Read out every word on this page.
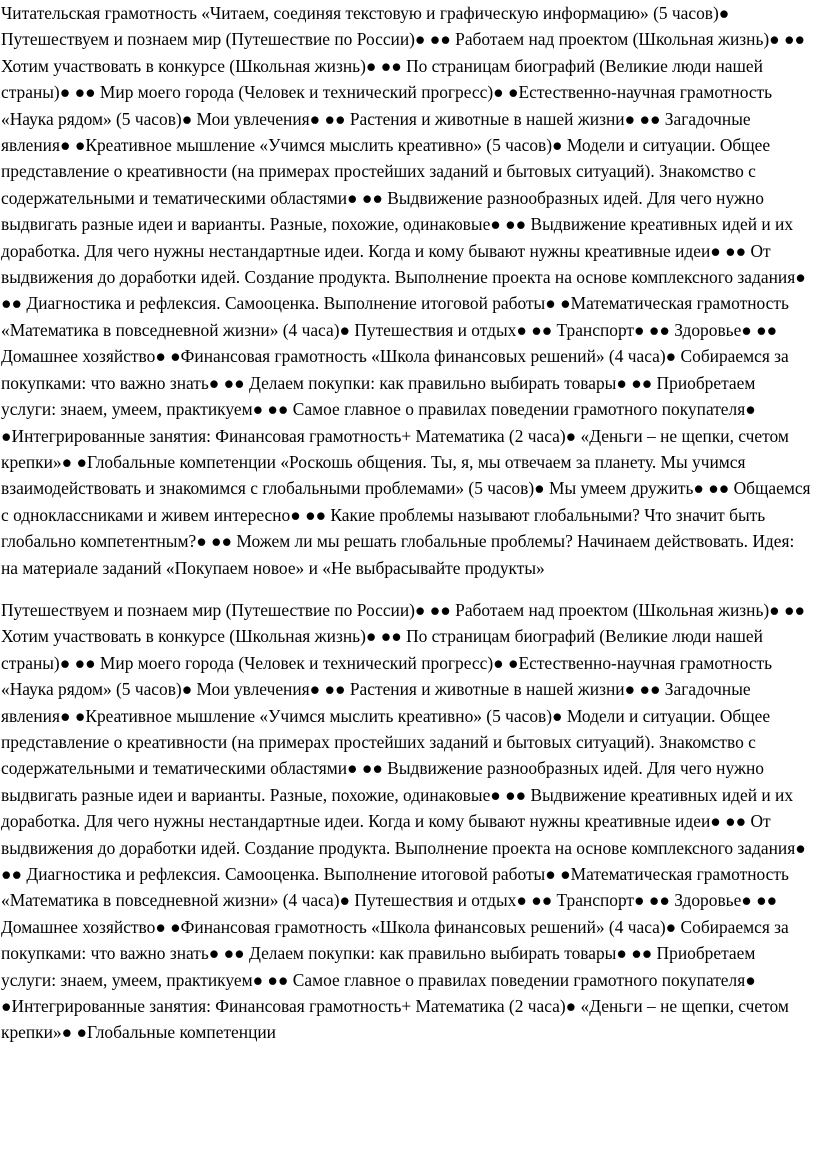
Читательская грамотность «Читаем, соединяя текстовую и графическую информацию» (5 часов)● Путешествуем и познаем мир (Путешествие по России)● ●● Работаем над проектом (Школьная жизнь)● ●● Хотим участвовать в конкурсе (Школьная жизнь)● ●● По страницам биографий (Великие люди нашей страны)● ●● Мир моего города (Человек и технический прогресс)● ●Естественно-научная грамотность «Наука рядом» (5 часов)● Мои увлечения● ●● Растения и животные в нашей жизни● ●● Загадочные явления● ●Креативное мышление «Учимся мыслить креативно» (5 часов)● Модели и ситуации. Общее представление о креативности (на примерах простейших заданий и бытовых ситуаций). Знакомство с содержательными и тематическими областями● ●● Выдвижение разнообразных идей. Для чего нужно выдвигать разные идеи и варианты. Разные, похожие, одинаковые● ●● Выдвижение креативных идей и их доработка. Для чего нужны нестандартные идеи. Когда и кому бывают нужны креативные идеи● ●● От выдвижения до доработки идей. Создание продукта. Выполнение проекта на основе комплексного задания● ●● Диагностика и рефлексия. Самооценка. Выполнение итоговой работы● ●Математическая грамотность «Математика в повседневной жизни» (4 часа)● Путешествия и отдых● ●● Транспорт● ●● Здоровье● ●● Домашнее хозяйство● ●Финансовая грамотность «Школа финансовых решений» (4 часа)● Собираемся за покупками: что важно знать● ●● Делаем покупки: как правильно выбирать товары● ●● Приобретаем услуги: знаем, умеем, практикуем● ●● Самое главное о правилах поведении грамотного покупателя● ●Интегрированные занятия: Финансовая грамотность+ Математика (2 часа)● «Деньги – не щепки, счетом крепки»● ●Глобальные компетенции «Роскошь общения. Ты, я, мы отвечаем за планету. Мы учимся взаимодействовать и знакомимся с глобальными проблемами» (5 часов)● Мы умеем дружить● ●● Общаемся с одноклассниками и живем интересно● ●● Какие проблемы называют глобальными? Что значит быть глобально компетентным?● ●● Можем ли мы решать глобальные проблемы? Начинаем действовать. Идея: на материале заданий «Покупаем новое» и «Не выбрасывайте продукты»

Путешествуем и познаем мир (Путешествие по России)● ●● Работаем над проектом (Школьная жизнь)● ●● Хотим участвовать в конкурсе (Школьная жизнь)● ●● По страницам биографий (Великие люди нашей страны)● ●● Мир моего города (Человек и технический прогресс)● ●Естественно-научная грамотность «Наука рядом» (5 часов)● Мои увлечения● ●● Растения и животные в нашей жизни● ●● Загадочные явления● ●Креативное мышление «Учимся мыслить креативно» (5 часов)● Модели и ситуации. Общее представление о креативности (на примерах простейших заданий и бытовых ситуаций). Знакомство с содержательными и тематическими областями● ●● Выдвижение разнообразных идей. Для чего нужно выдвигать разные идеи и варианты. Разные, похожие, одинаковые● ●● Выдвижение креативных идей и их доработка. Для чего нужны нестандартные идеи. Когда и кому бывают нужны креативные идеи● ●● От выдвижения до доработки идей. Создание продукта. Выполнение проекта на основе комплексного задания● ●● Диагностика и рефлексия. Самооценка. Выполнение итоговой работы● ●Математическая грамотность «Математика в повседневной жизни» (4 часа)● Путешествия и отдых● ●● Транспорт● ●● Здоровье● ●● Домашнее хозяйство● ●Финансовая грамотность «Школа финансовых решений» (4 часа)● Собираемся за покупками: что важно знать● ●● Делаем покупки: как правильно выбирать товары● ●● Приобретаем услуги: знаем, умеем, практикуем● ●● Самое главное о правилах поведении грамотного покупателя● ●Интегрированные занятия: Финансовая грамотность+ Математика (2 часа)● «Деньги – не щепки, счетом крепки»● ●Глобальные компетенции
